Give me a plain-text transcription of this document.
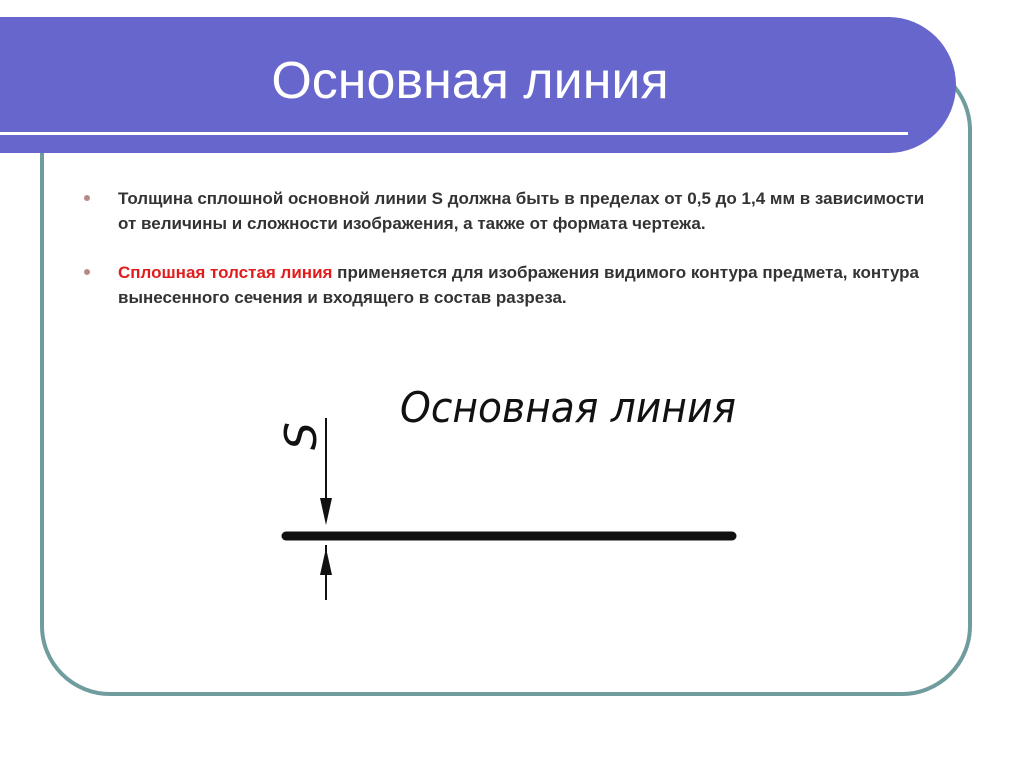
Основная линия
Толщина сплошной основной линии S должна быть в пределах от 0,5 до 1,4 мм в зависимости от величины и сложности изображения, а также от формата чертежа.
Сплошная толстая линия применяется для изображения видимого контура предмета, контура вынесенного сечения и входящего в состав разреза.
Основная линия
S
